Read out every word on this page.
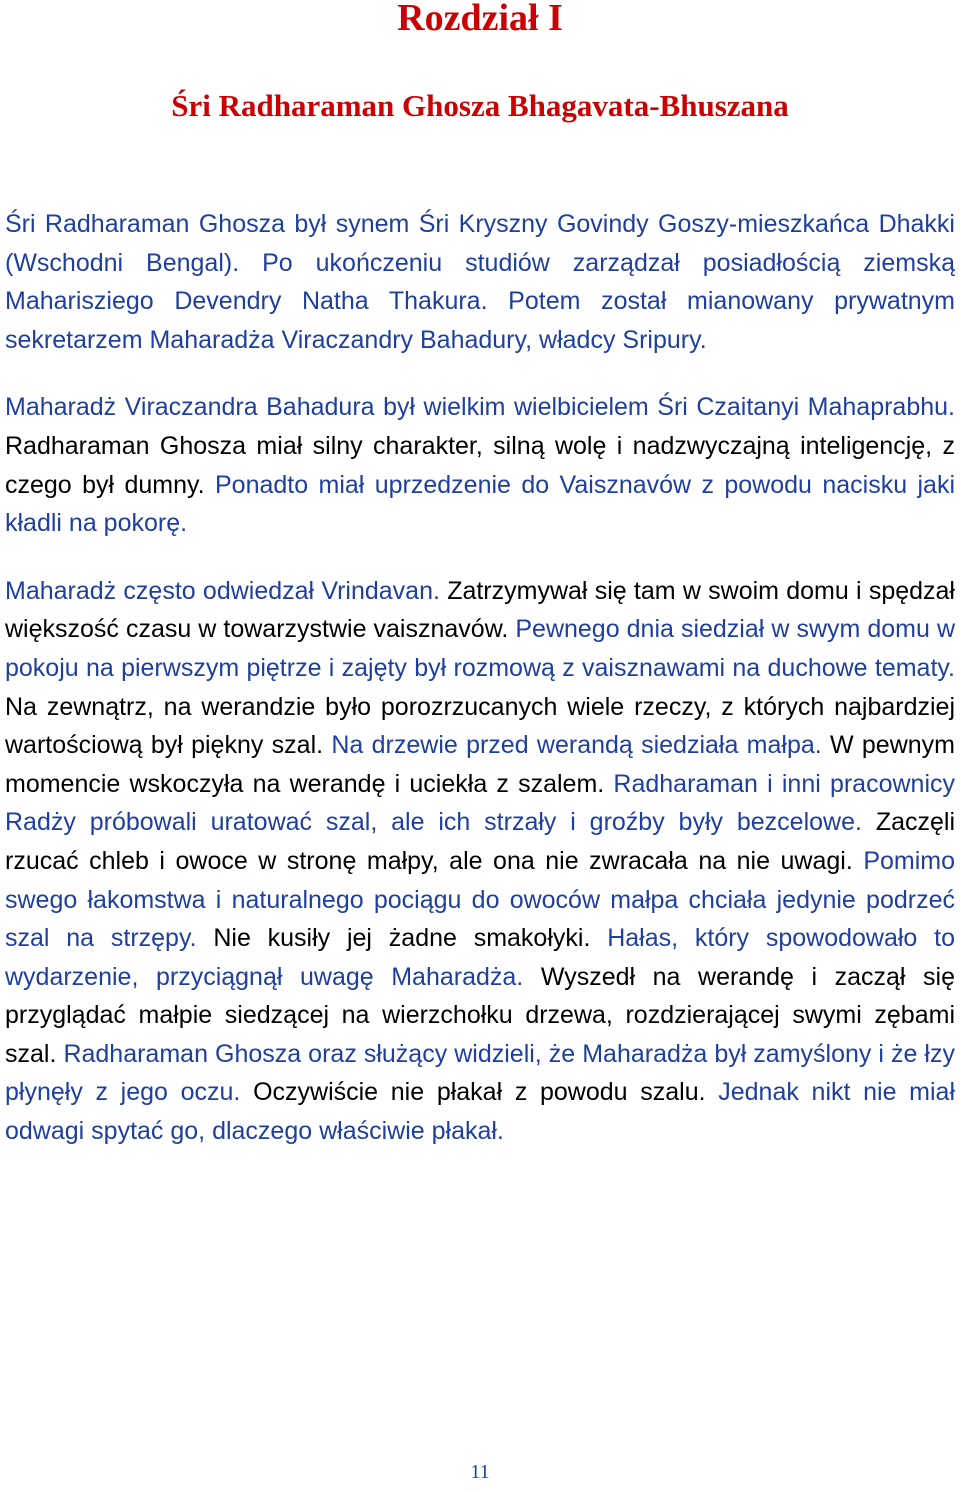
Rozdział I
Śri Radharaman Ghosza Bhagavata-Bhuszana

Śri Radharaman Ghosza był synem Śri Kryszny Govindy Goszy-mieszkańca Dhakki (Wschodni Bengal). Po ukończeniu studiów zarządzał posiadłością ziemską Maharisziego Devendry Natha Thakura. Potem został mianowany prywatnym sekretarzem Maharadża Viraczandry Bahadury, władcy Sripury.

Maharadż Viraczandra Bahadura był wielkim wielbicielem Śri Czaitanyi Mahaprabhu. Radharaman Ghosza miał silny charakter, silną wolę i nadzwyczajną inteligencję, z czego był dumny. Ponadto miał uprzedzenie do Vaisznavów z powodu nacisku jaki kładli na pokorę.

Maharadż często odwiedzał Vrindavan. Zatrzymywał się tam w swoim domu i spędzał większość czasu w towarzystwie vaisznavów. Pewnego dnia siedział w swym domu w pokoju na pierwszym piętrze i zajęty był rozmową z vaisznawami na duchowe tematy. Na zewnątrz, na werandzie było porozrzucanych wiele rzeczy, z których najbardziej wartościową był piękny szal. Na drzewie przed werandą siedziała małpa. W pewnym momencie wskoczyła na werandę i uciekła z szalem. Radharaman i inni pracownicy Radży próbowali uratować szal, ale ich strzały i groźby były bezcelowe. Zaczęli rzucać chleb i owoce w stronę małpy, ale ona nie zwracała na nie uwagi. Pomimo swego łakomstwa i naturalnego pociągu do owoców małpa chciała jedynie podrzeć szal na strzępy. Nie kusiły jej żadne smakołyki. Hałas, który spowodowało to wydarzenie, przyciągnął uwagę Maharadża. Wyszedł na werandę i zaczął się przyglądać małpie siedzącej na wierzchołku drzewa, rozdzierającej swymi zębami szal. Radharaman Ghosza oraz służący widzieli, że Maharadża był zamyślony i że łzy płynęły z jego oczu. Oczywiście nie płakał z powodu szalu. Jednak nikt nie miał odwagi spytać go, dlaczego właściwie płakał.

11
